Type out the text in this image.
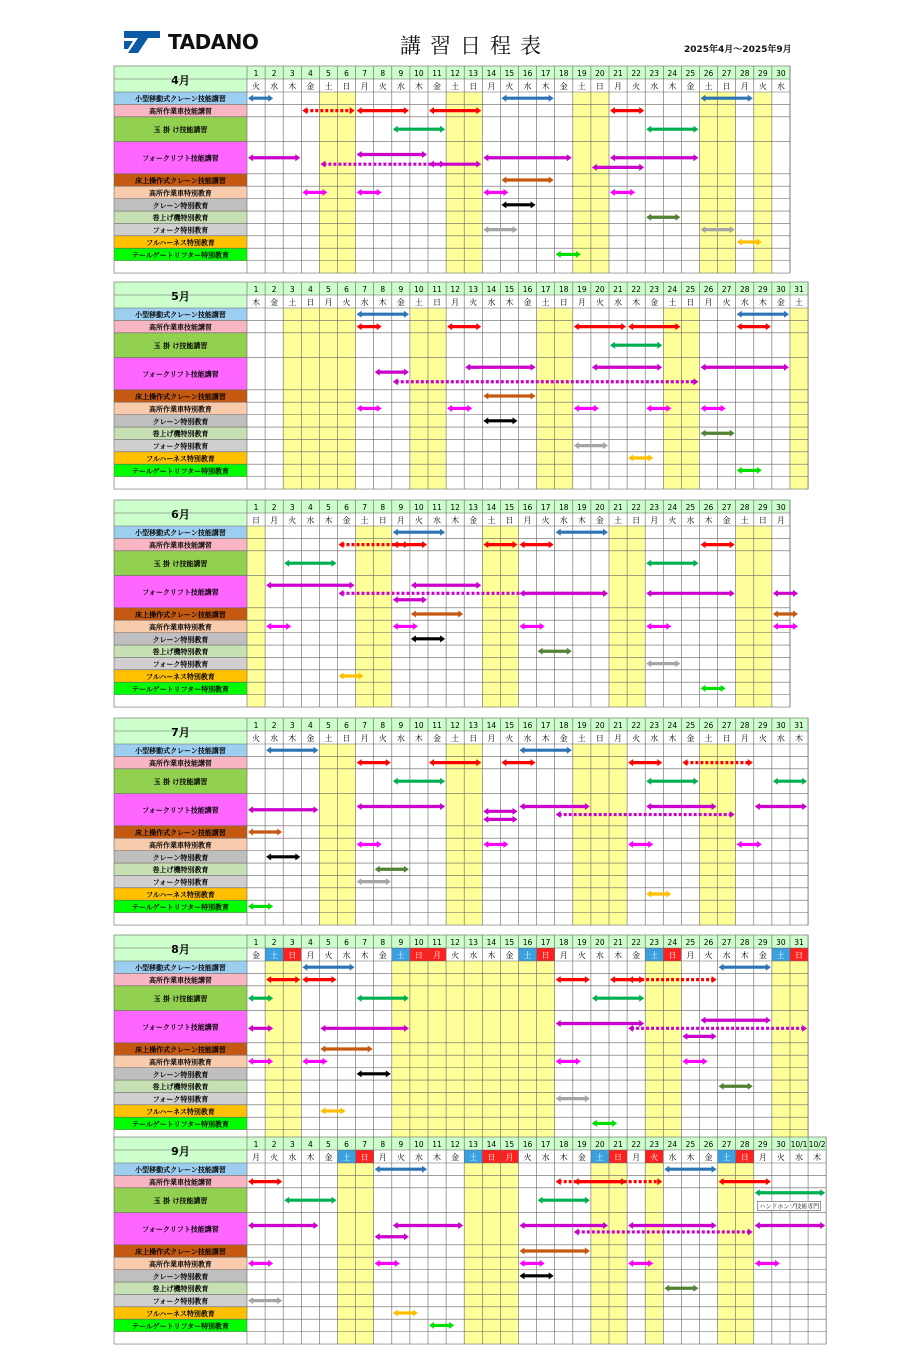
TADANO	講習日程表	2025年4月～2025年9月
1
火
2
水
3
木
4
金
5
土
6
日
7
月
8
火
9
水
10
木
11
金
12
土
13
日
14
月
15
火
16
水
17
木
18
金
19
土
20
日
21
月
22
火
23
水
24
木
25
金
26
土
27
日
28
月
29
火
30
水
4月
小型移動式クレーン技能講習
高所作業車技能講習
玉 掛 け技能講習
フォークリフト技能講習
床上操作式クレーン技能講習
高所作業車特別教育
クレーン特別教育
巻上げ機特別教育
フォーク特別教育
フルハーネス特別教育
テールゲートリフター特別教育
1
木
2
金
3
土
4
日
5
月
6
火
7
水
8
木
9
金
10
土
11
日
12
月
13
火
14
水
15
木
16
金
17
土
18
日
19
月
20
火
21
水
22
木
23
金
24
土
25
日
26
月
27
火
28
水
29
木
30
金
31
土
5月
小型移動式クレーン技能講習
高所作業車技能講習
玉 掛 け技能講習
フォークリフト技能講習
床上操作式クレーン技能講習
高所作業車特別教育
クレーン特別教育
巻上げ機特別教育
フォーク特別教育
フルハーネス特別教育
テールゲートリフター特別教育
1
日
2
月
3
火
4
水
5
木
6
金
7
土
8
日
9
月
10
火
11
水
12
木
13
金
14
土
15
日
16
月
17
火
18
水
19
木
20
金
21
土
22
日
23
月
24
火
25
水
26
木
27
金
28
土
29
日
30
月
6月
小型移動式クレーン技能講習
高所作業車技能講習
玉 掛 け技能講習
フォークリフト技能講習
床上操作式クレーン技能講習
高所作業車特別教育
クレーン特別教育
巻上げ機特別教育
フォーク特別教育
フルハーネス特別教育
テールゲートリフター特別教育
1
火
2
水
3
木
4
金
5
土
6
日
7
月
8
火
9
水
10
木
11
金
12
土
13
日
14
月
15
火
16
水
17
木
18
金
19
土
20
日
21
月
22
火
23
水
24
木
25
金
26
土
27
日
28
月
29
火
30
水
31
木
7月
小型移動式クレーン技能講習
高所作業車技能講習
玉 掛 け技能講習
フォークリフト技能講習
床上操作式クレーン技能講習
高所作業車特別教育
クレーン特別教育
巻上げ機特別教育
フォーク特別教育
フルハーネス特別教育
テールゲートリフター特別教育
1
金
2
土
3
日
4
月
5
火
6
水
7
木
8
金
9
土
10
日
11
月
12
火
13
水
14
木
15
金
16
土
17
日
18
月
19
火
20
水
21
木
22
金
23
土
24
日
25
月
26
火
27
水
28
木
29
金
30
土
31
日
8月
小型移動式クレーン技能講習
高所作業車技能講習
玉 掛 け技能講習
フォークリフト技能講習
床上操作式クレーン技能講習
高所作業車特別教育
クレーン特別教育
巻上げ機特別教育
フォーク特別教育
フルハーネス特別教育
テールゲートリフター特別教育
1
月
2
火
3
水
4
木
5
金
6
土
7
日
8
月
9
火
10
水
11
木
12
金
13
土
14
日
15
月
16
火
17
水
18
木
19
金
20
土
21
日
22
月
23
火
24
水
25
木
26
金
27
土
28
日
29
月
30
火
10/1
水
10/2
木
9月
小型移動式クレーン技能講習
高所作業車技能講習
玉 掛 け技能講習
フォークリフト技能講習
床上操作式クレーン技能講習
高所作業車特別教育
クレーン特別教育
巻上げ機特別教育
フォーク特別教育
フルハーネス特別教育
テールゲートリフター特別教育
ハンドホンプ技術専門
